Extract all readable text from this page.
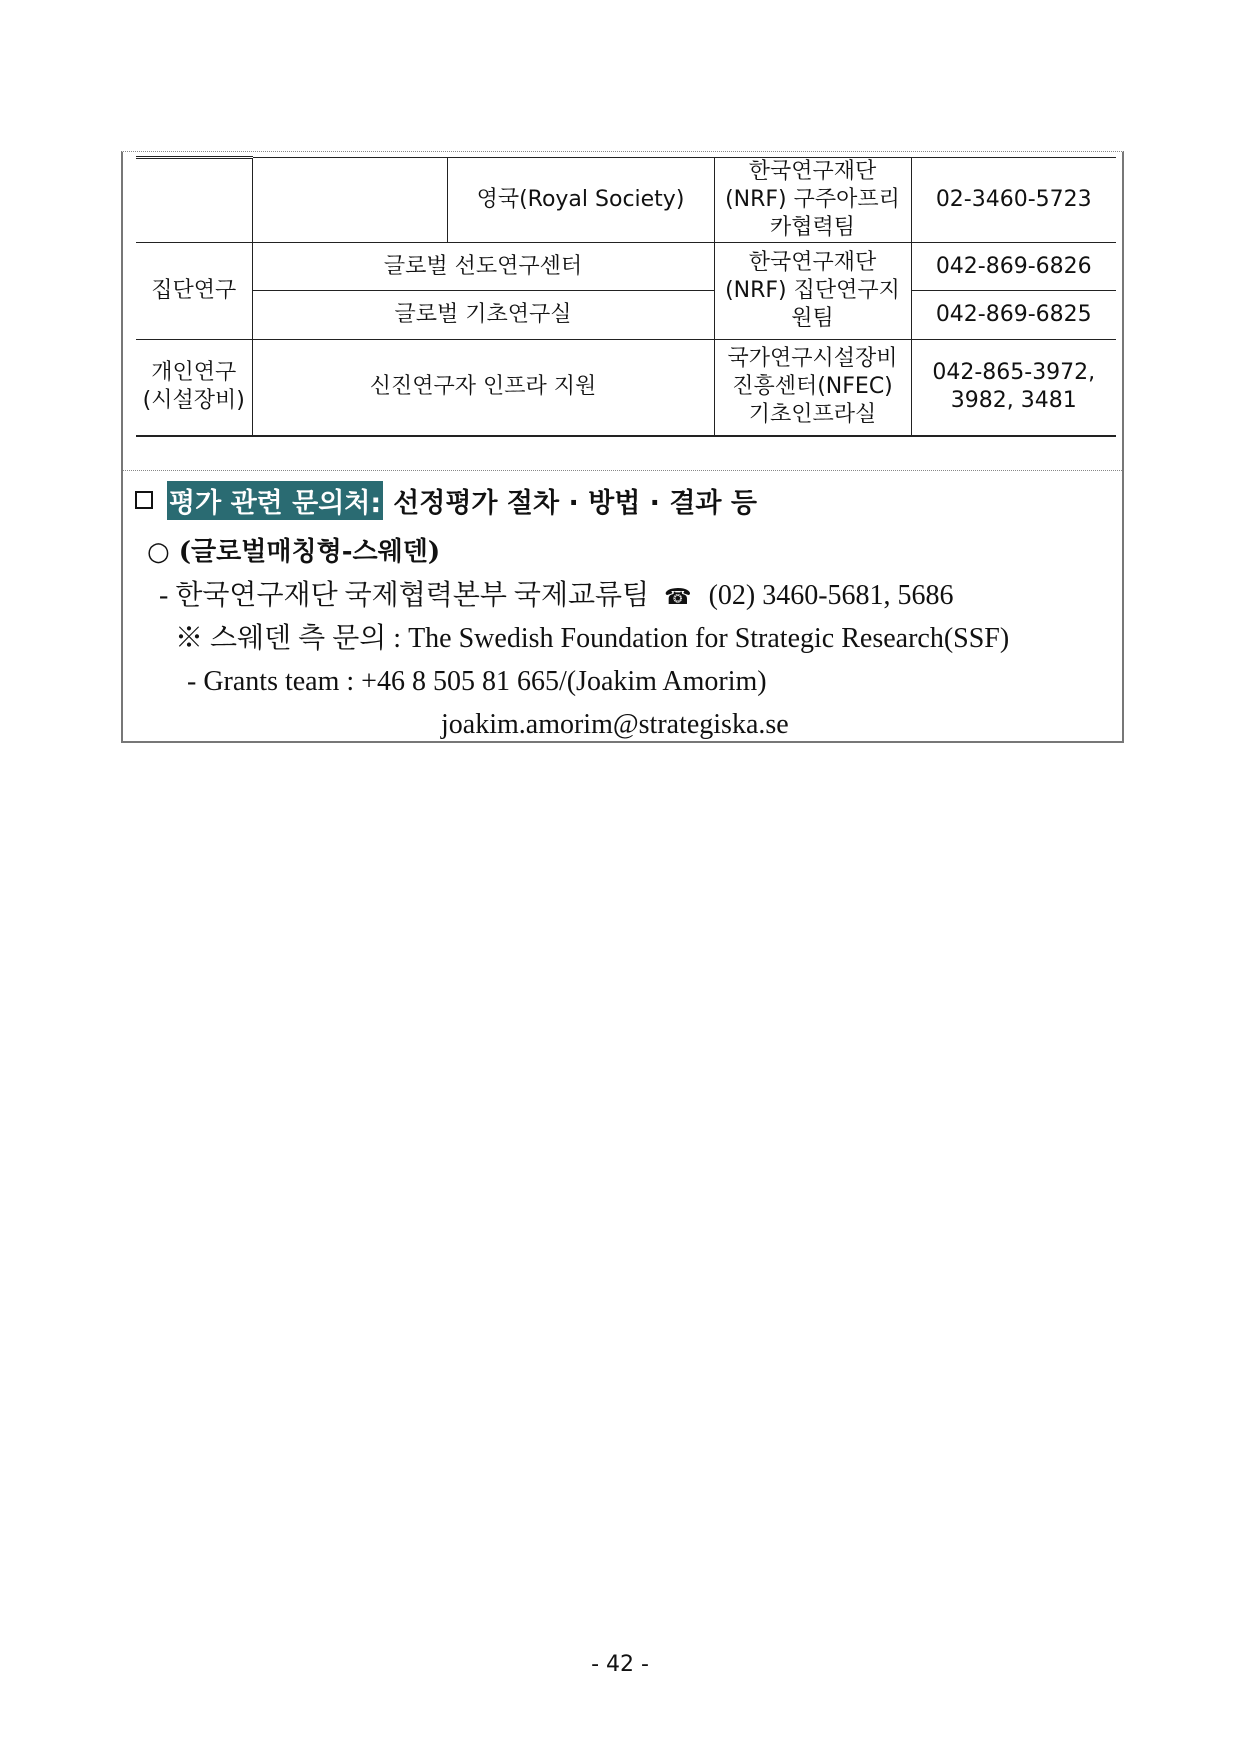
		영국(Royal Society)	한국연구재단(NRF) 구주아프리카협력팀	02-3460-5723
집단연구	글로벌 선도연구센터		한국연구재단(NRF) 집단연구지원팀	042-869-6826
	글로벌 기초연구실			042-869-6825
개인연구 (시설장비)	신진연구자 인프라 지원		국가연구시설장비 진흥센터(NFEC) 기초인프라실	042-865-3972, 3982, 3481
평가 관련 문의처: 선정평가 절차 · 방법 · 결과 등
○ (글로벌매칭형-스웨덴)
- 한국연구재단 국제협력본부 국제교류팀 ☎ (02) 3460-5681, 5686
※ 스웨덴 측 문의 : The Swedish Foundation for Strategic Research(SSF)
- Grants team : +46 8 505 81 665/(Joakim Amorim)
joakim.amorim@strategiska.se
- 42 -
